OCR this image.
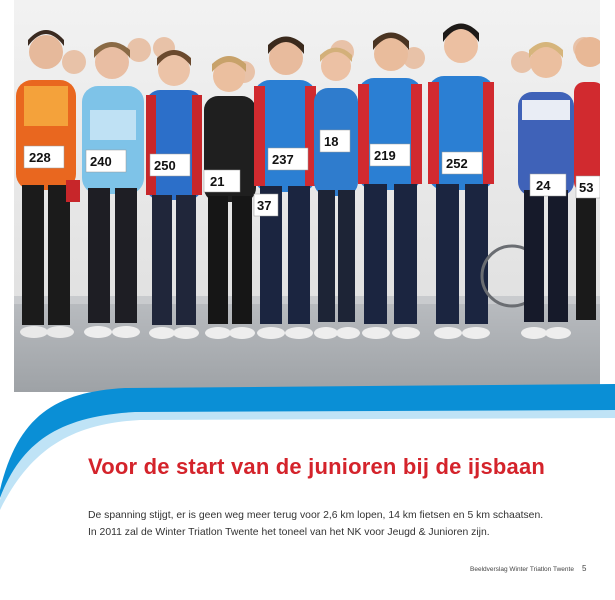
228	240	250
21
237
18
219
252
24 53
37
Voor de start van de junioren bij de ijsbaan

De spanning stijgt, er is geen weg meer terug voor 2,6 km lopen, 14 km fietsen en 5 km schaatsen.

In 2011 zal de Winter Triatlon Twente het toneel van het NK voor Jeugd & Junioren zijn.

Beeldverslag Winter Triatlon Twente 5
